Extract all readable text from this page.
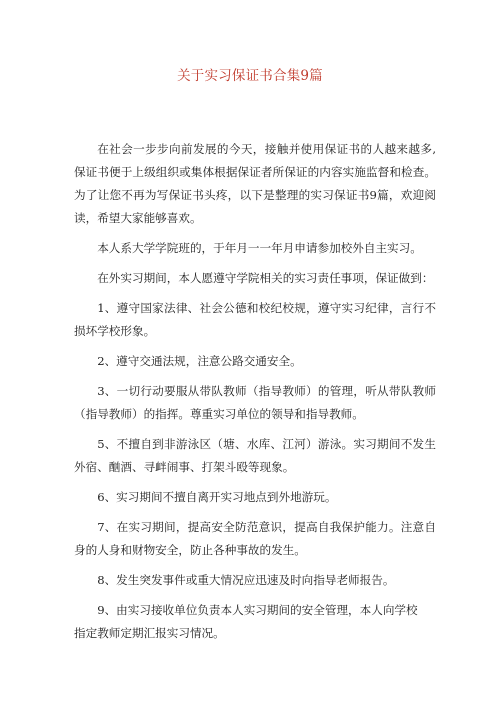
关于实习保证书合集9篇

在社会一步步向前发展的今天，接触并使用保证书的人越来越多,保证书便于上级组织或集体根据保证者所保证的内容实施监督和检查。为了让您不再为写保证书头疼，以下是整理的实习保证书9篇，欢迎阅读，希望大家能够喜欢。

本人系大学学院班的，于年月一一年月申请参加校外自主实习。

在外实习期间，本人愿遵守学院相关的实习责任事项，保证做到：

1、遵守国家法律、社会公德和校纪校规，遵守实习纪律，言行不损坏学校形象。

2、遵守交通法规，注意公路交通安全。

3、一切行动要服从带队教师（指导教师）的管理，听从带队教师（指导教师）的指挥。尊重实习单位的领导和指导教师。

5、不擅自到非游泳区（塘、水库、江河）游泳。实习期间不发生外宿、酗酒、寻衅闹事、打架斗殴等现象。

6、实习期间不擅自离开实习地点到外地游玩。

7、在实习期间，提高安全防范意识，提高自我保护能力。注意自身的人身和财物安全，防止各种事故的发生。

8、发生突发事件或重大情况应迅速及时向指导老师报告。

9、由实习接收单位负责本人实习期间的安全管理，本人向学校

指定教师定期汇报实习情况。
